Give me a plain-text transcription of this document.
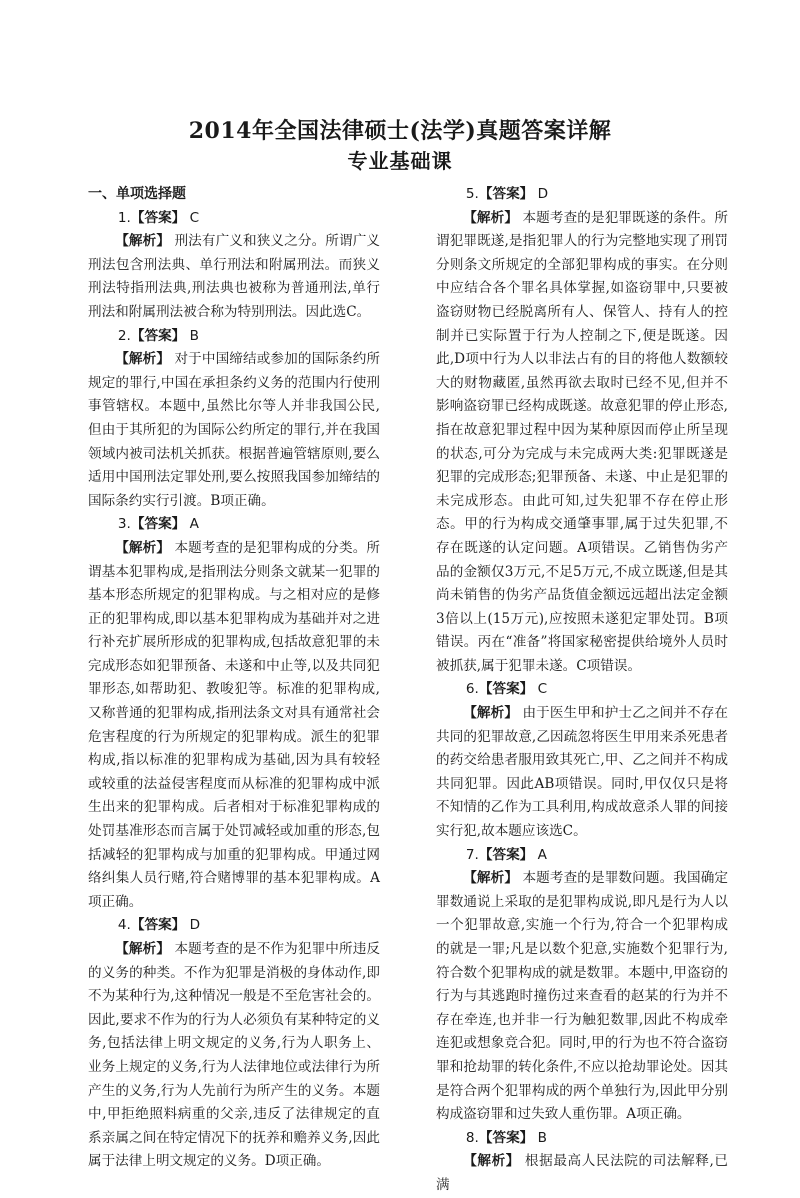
2014年全国法律硕士(法学)真题答案详解
专业基础课
一、单项选择题
1.【答案】 C
【解析】 刑法有广义和狭义之分。所谓广义刑法包含刑法典、单行刑法和附属刑法。而狭义刑法特指刑法典,刑法典也被称为普通刑法,单行刑法和附属刑法被合称为特别刑法。因此选C。
2.【答案】 B
【解析】 对于中国缔结或参加的国际条约所规定的罪行,中国在承担条约义务的范围内行使刑事管辖权。本题中,虽然比尔等人并非我国公民,但由于其所犯的为国际公约所定的罪行,并在我国领域内被司法机关抓获。根据普遍管辖原则,要么适用中国刑法定罪处刑,要么按照我国参加缔结的国际条约实行引渡。B项正确。
3.【答案】 A
【解析】 本题考查的是犯罪构成的分类。所谓基本犯罪构成,是指刑法分则条文就某一犯罪的基本形态所规定的犯罪构成。与之相对应的是修正的犯罪构成,即以基本犯罪构成为基础并对之进行补充扩展所形成的犯罪构成,包括故意犯罪的未完成形态如犯罪预备、未遂和中止等,以及共同犯罪形态,如帮助犯、教唆犯等。标准的犯罪构成,又称普通的犯罪构成,指刑法条文对具有通常社会危害程度的行为所规定的犯罪构成。派生的犯罪构成,指以标准的犯罪构成为基础,因为具有较轻或较重的法益侵害程度而从标准的犯罪构成中派生出来的犯罪构成。后者相对于标准犯罪构成的处罚基准形态而言属于处罚减轻或加重的形态,包括减轻的犯罪构成与加重的犯罪构成。甲通过网络纠集人员行赌,符合赌博罪的基本犯罪构成。A项正确。
4.【答案】 D
【解析】 本题考查的是不作为犯罪中所违反的义务的种类。不作为犯罪是消极的身体动作,即不为某种行为,这种情况一般是不至危害社会的。因此,要求不作为的行为人必须负有某种特定的义务,包括法律上明文规定的义务,行为人职务上、业务上规定的义务,行为人法律地位或法律行为所产生的义务,行为人先前行为所产生的义务。本题中,甲拒绝照料病重的父亲,违反了法律规定的直系亲属之间在特定情况下的抚养和赡养义务,因此属于法律上明文规定的义务。D项正确。
5.【答案】 D
【解析】 本题考查的是犯罪既遂的条件。所谓犯罪既遂,是指犯罪人的行为完整地实现了刑罚分则条文所规定的全部犯罪构成的事实。在分则中应结合各个罪名具体掌握,如盗窃罪中,只要被盗窃财物已经脱离所有人、保管人、持有人的控制并已实际置于行为人控制之下,便是既遂。因此,D项中行为人以非法占有的目的将他人数额较大的财物藏匿,虽然再欲去取时已经不见,但并不影响盗窃罪已经构成既遂。故意犯罪的停止形态,指在故意犯罪过程中因为某种原因而停止所呈现的状态,可分为完成与未完成两大类:犯罪既遂是犯罪的完成形态;犯罪预备、未遂、中止是犯罪的未完成形态。由此可知,过失犯罪不存在停止形态。甲的行为构成交通肇事罪,属于过失犯罪,不存在既遂的认定问题。A项错误。乙销售伪劣产品的金额仅3万元,不足5万元,不成立既遂,但是其尚未销售的伪劣产品货值金额远远超出法定金额3倍以上(15万元),应按照未遂犯定罪处罚。B项错误。丙在“准备”将国家秘密提供给境外人员时被抓获,属于犯罪未遂。C项错误。
6.【答案】 C
【解析】 由于医生甲和护士乙之间并不存在共同的犯罪故意,乙因疏忽将医生甲用来杀死患者的药交给患者服用致其死亡,甲、乙之间并不构成共同犯罪。因此AB项错误。同时,甲仅仅只是将不知情的乙作为工具利用,构成故意杀人罪的间接实行犯,故本题应该选C。
7.【答案】 A
【解析】 本题考查的是罪数问题。我国确定罪数通说上采取的是犯罪构成说,即凡是行为人以一个犯罪故意,实施一个行为,符合一个犯罪构成的就是一罪;凡是以数个犯意,实施数个犯罪行为,符合数个犯罪构成的就是数罪。本题中,甲盗窃的行为与其逃跑时撞伤过来查看的赵某的行为并不存在牵连,也并非一行为触犯数罪,因此不构成牵连犯或想象竞合犯。同时,甲的行为也不符合盗窃罪和抢劫罪的转化条件,不应以抢劫罪论处。因其是符合两个犯罪构成的两个单独行为,因此甲分别构成盗窃罪和过失致人重伤罪。A项正确。
8.【答案】 B
【解析】 根据最高人民法院的司法解释,已满
